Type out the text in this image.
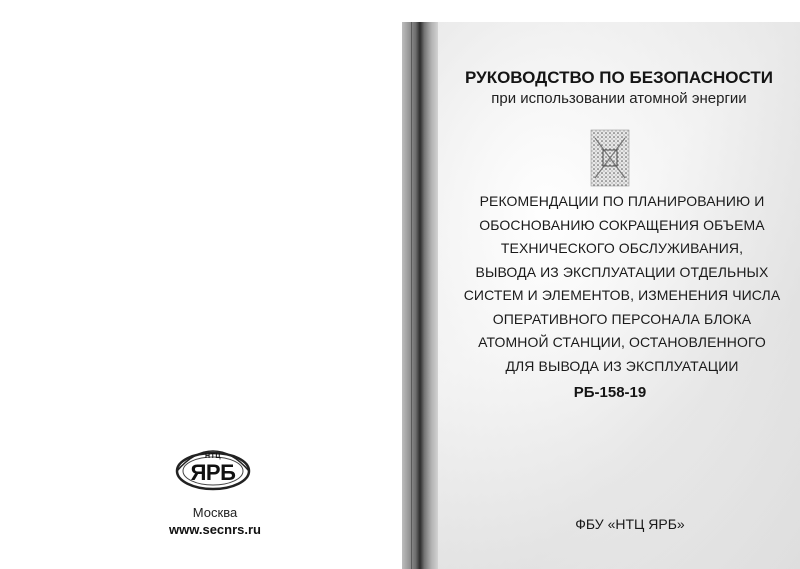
НТЦ
ЯРБ
Москва
www.secnrs.ru
РУКОВОДСТВО ПО БЕЗОПАСНОСТИ
при использовании атомной энергии
РЕКОМЕНДАЦИИ ПО ПЛАНИРОВАНИЮ И
ОБОСНОВАНИЮ СОКРАЩЕНИЯ ОБЪЕМА
ТЕХНИЧЕСКОГО ОБСЛУЖИВАНИЯ,
ВЫВОДА ИЗ ЭКСПЛУАТАЦИИ ОТДЕЛЬНЫХ
СИСТЕМ И ЭЛЕМЕНТОВ, ИЗМЕНЕНИЯ ЧИСЛА
ОПЕРАТИВНОГО ПЕРСОНАЛА БЛОКА
АТОМНОЙ СТАНЦИИ, ОСТАНОВЛЕННОГО
ДЛЯ ВЫВОДА ИЗ ЭКСПЛУАТАЦИИ
РБ-158-19
ФБУ «НТЦ ЯРБ»
